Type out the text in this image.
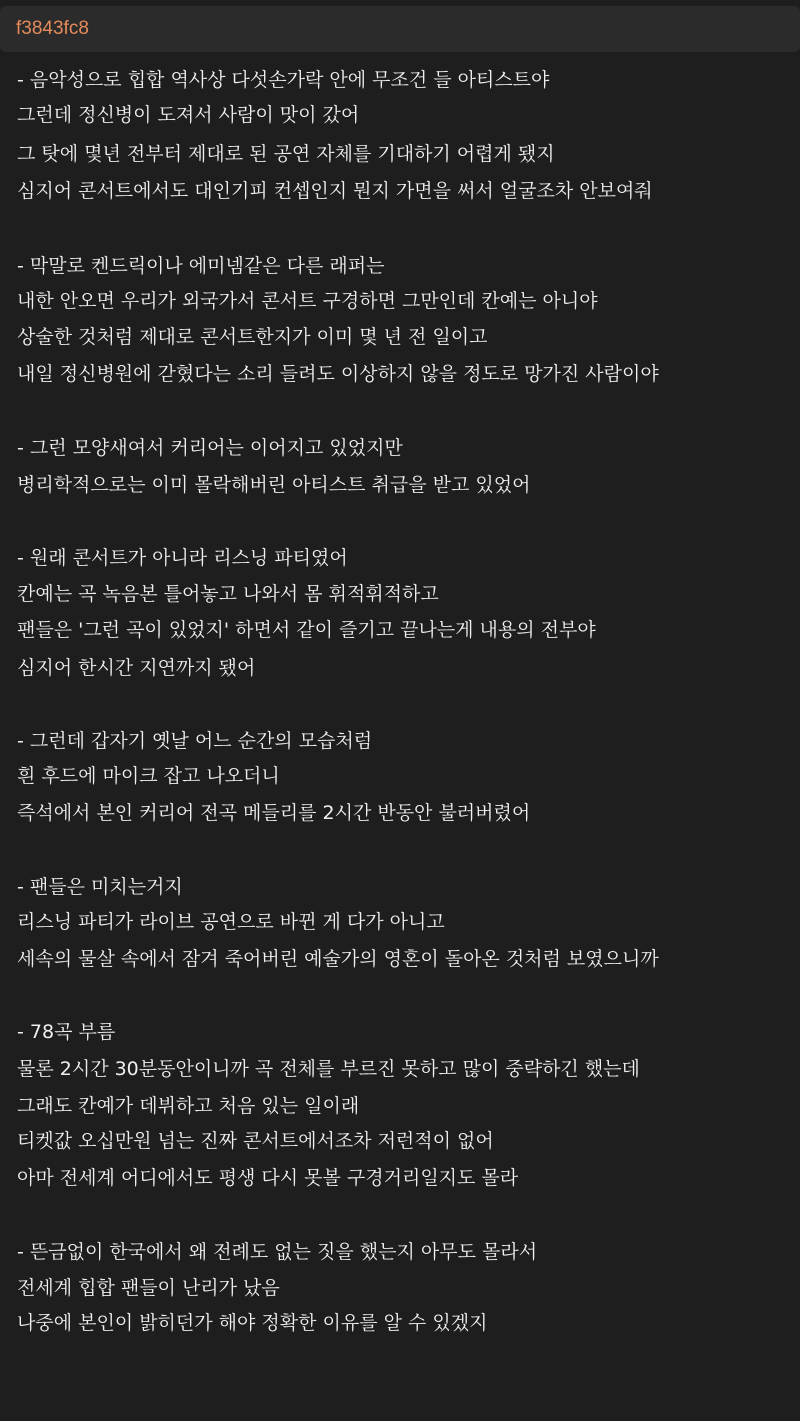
f3843fc8
- 음악성으로 힙합 역사상 다섯손가락 안에 무조건 들 아티스트야
그런데 정신병이 도져서 사람이 맛이 갔어
그 탓에 몇년 전부터 제대로 된 공연 자체를 기대하기 어렵게 됐지
심지어 콘서트에서도 대인기피 컨셉인지 뭔지 가면을 써서 얼굴조차 안보여줘
- 막말로 켄드릭이나 에미넴같은 다른 래퍼는
내한 안오면 우리가 외국가서 콘서트 구경하면 그만인데 칸예는 아니야
상술한 것처럼 제대로 콘서트한지가 이미 몇 년 전 일이고
내일 정신병원에 갇혔다는 소리 들려도 이상하지 않을 정도로 망가진 사람이야
- 그런 모양새여서 커리어는 이어지고 있었지만
병리학적으로는 이미 몰락해버린 아티스트 취급을 받고 있었어
- 원래 콘서트가 아니라 리스닝 파티였어
칸예는 곡 녹음본 틀어놓고 나와서 몸 휘적휘적하고
팬들은 '그런 곡이 있었지' 하면서 같이 즐기고 끝나는게 내용의 전부야
심지어 한시간 지연까지 됐어
- 그런데 갑자기 옛날 어느 순간의 모습처럼
흰 후드에 마이크 잡고 나오더니
즉석에서 본인 커리어 전곡 메들리를 2시간 반동안 불러버렸어
- 팬들은 미치는거지
리스닝 파티가 라이브 공연으로 바뀐 게 다가 아니고
세속의 물살 속에서 잠겨 죽어버린 예술가의 영혼이 돌아온 것처럼 보였으니까
- 78곡 부름
물론 2시간 30분동안이니까 곡 전체를 부르진 못하고 많이 중략하긴 했는데
그래도 칸예가 데뷔하고 처음 있는 일이래
티켓값 오십만원 넘는 진짜 콘서트에서조차 저런적이 없어
아마 전세계 어디에서도 평생 다시 못볼 구경거리일지도 몰라
- 뜬금없이 한국에서 왜 전례도 없는 짓을 했는지 아무도 몰라서
전세계 힙합 팬들이 난리가 났음
나중에 본인이 밝히던가 해야 정확한 이유를 알 수 있겠지
